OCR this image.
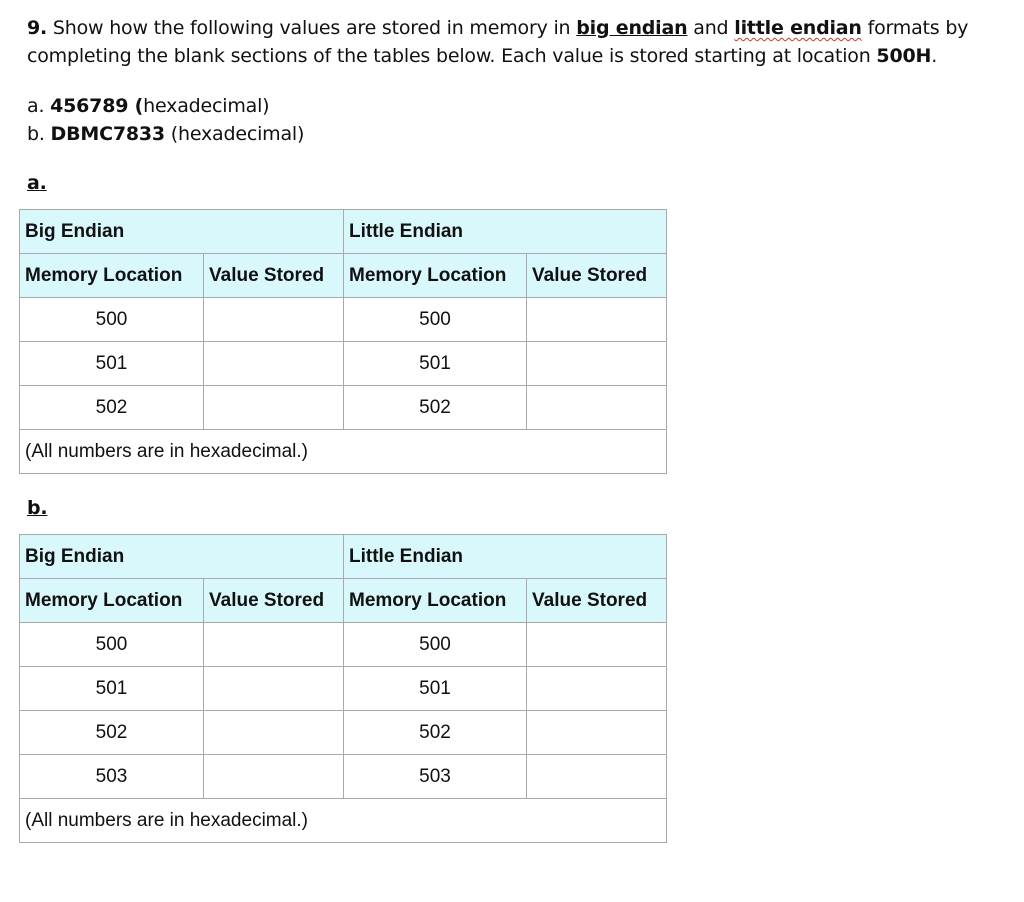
9. Show how the following values are stored in memory in big endian and little endian formats by completing the blank sections of the tables below. Each value is stored starting at location 500H.
a. 456789 (hexadecimal)
b. DBMC7833 (hexadecimal)
a.
Big Endian		Little Endian	
Memory Location	Value Stored	Memory Location	Value Stored
500		500	
501		501	
502		502	
(All numbers are in hexadecimal.)			
b.
Big Endian		Little Endian	
Memory Location	Value Stored	Memory Location	Value Stored
500		500	
501		501	
502		502	
503		503	
(All numbers are in hexadecimal.)			
